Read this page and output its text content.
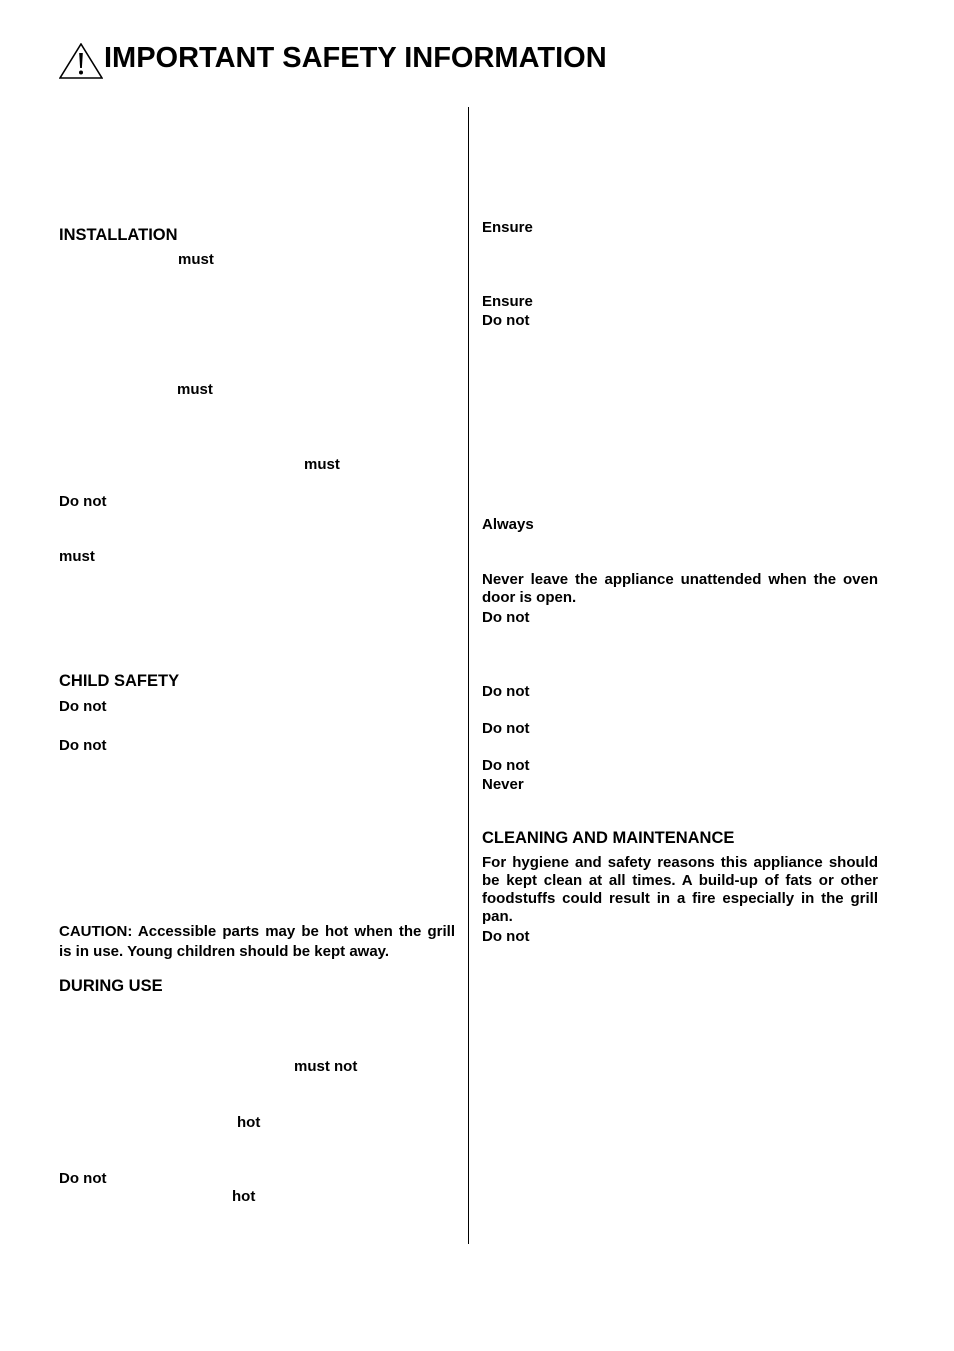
IMPORTANT SAFETY INFORMATION
INSTALLATION
must
must
must
Do not
must
CHILD SAFETY
Do not
Do not
CAUTION: Accessible parts may be hot when the grill is in use. Young children should be kept away.
DURING USE
must not
hot
Do not
hot
Ensure
Ensure
Do not
Always
Never leave the appliance unattended when the oven door is open.
Do not
Do not
Do not
Do not
Never
CLEANING AND MAINTENANCE
For hygiene and safety reasons this appliance should be kept clean at all times. A build-up of fats or other foodstuffs could result in a fire especially in the grill pan.
Do not
